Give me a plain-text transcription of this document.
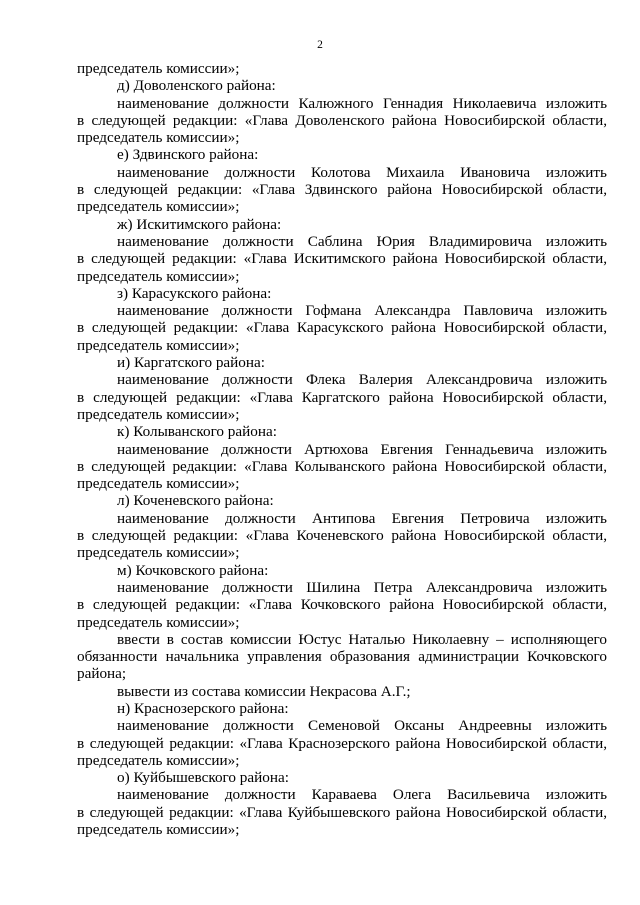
2
председатель комиссии»;
д) Доволенского района:
наименование должности Калюжного Геннадия Николаевича изложить
в следующей редакции: «Глава Доволенского района Новосибирской области,
председатель комиссии»;
е) Здвинского района:
наименование должности Колотова Михаила Ивановича изложить
в следующей редакции: «Глава Здвинского района Новосибирской области,
председатель комиссии»;
ж) Искитимского района:
наименование должности Саблина Юрия Владимировича изложить
в следующей редакции: «Глава Искитимского района Новосибирской области,
председатель комиссии»;
з) Карасукского района:
наименование должности Гофмана Александра Павловича изложить
в следующей редакции: «Глава Карасукского района Новосибирской области,
председатель комиссии»;
и) Каргатского района:
наименование должности Флека Валерия Александровича изложить
в следующей редакции: «Глава Каргатского района Новосибирской области,
председатель комиссии»;
к) Колыванского района:
наименование должности Артюхова Евгения Геннадьевича изложить
в следующей редакции: «Глава Колыванского района Новосибирской области,
председатель комиссии»;
л) Коченевского района:
наименование должности Антипова Евгения Петровича изложить
в следующей редакции: «Глава Коченевского района Новосибирской области,
председатель комиссии»;
м) Кочковского района:
наименование должности Шилина Петра Александровича изложить
в следующей редакции: «Глава Кочковского района Новосибирской области,
председатель комиссии»;
ввести в состав комиссии Юстус Наталью Николаевну – исполняющего
обязанности начальника управления образования администрации Кочковского
района;
вывести из состава комиссии Некрасова А.Г.;
н) Краснозерского района:
наименование должности Семеновой Оксаны Андреевны изложить
в следующей редакции: «Глава Краснозерского района Новосибирской области,
председатель комиссии»;
о) Куйбышевского района:
наименование должности Караваева Олега Васильевича изложить
в следующей редакции: «Глава Куйбышевского района Новосибирской области,
председатель комиссии»;
